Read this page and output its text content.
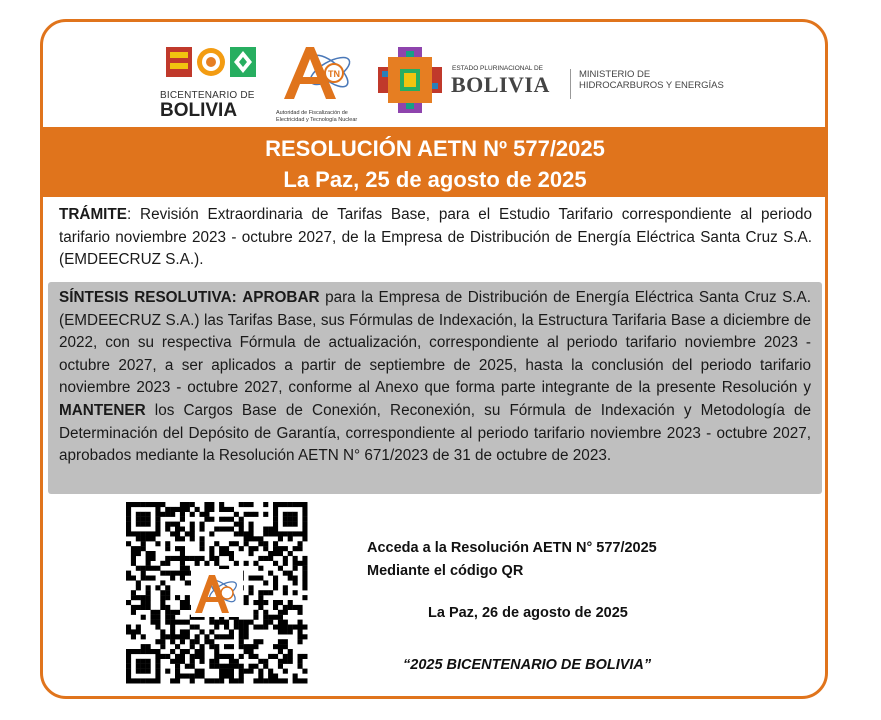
BICENTENARIO DE
BOLIVIA
TN
Autoridad de Fiscalización de
Electricidad y Tecnología Nuclear
ESTADO PLURINACIONAL DE
BOLIVIA	MINISTERIO DE
HIDROCARBUROS Y ENERGÍAS
RESOLUCIÓN AETN Nº 577/2025
La Paz, 25 de agosto de 2025
TRÁMITE: Revisión Extraordinaria de Tarifas Base, para el Estudio Tarifario correspondiente al periodo tarifario noviembre 2023 - octubre 2027, de la Empresa de Distribución de Energía Eléctrica Santa Cruz S.A. (EMDEECRUZ S.A.).
SÍNTESIS RESOLUTIVA: APROBAR para la Empresa de Distribución de Energía Eléctrica Santa Cruz S.A. (EMDEECRUZ S.A.) las Tarifas Base, sus Fórmulas de Indexación, la Estructura Tarifaria Base a diciembre de 2022, con su respectiva Fórmula de actualización, correspondiente al periodo tarifario noviembre 2023 - octubre 2027, a ser aplicados a partir de septiembre de 2025, hasta la conclusión del periodo tarifario noviembre 2023 - octubre 2027, conforme al Anexo que forma parte integrante de la presente Resolución y MANTENER los Cargos Base de Conexión, Reconexión, su Fórmula de Indexación y Metodología de Determinación del Depósito de Garantía, correspondiente al periodo tarifario noviembre 2023 - octubre 2027, aprobados mediante la Resolución AETN N° 671/2023 de 31 de octubre de 2023.
Acceda a la Resolución AETN N° 577/2025
Mediante el código QR
La Paz, 26 de agosto de 2025
“2025 BICENTENARIO DE BOLIVIA”
